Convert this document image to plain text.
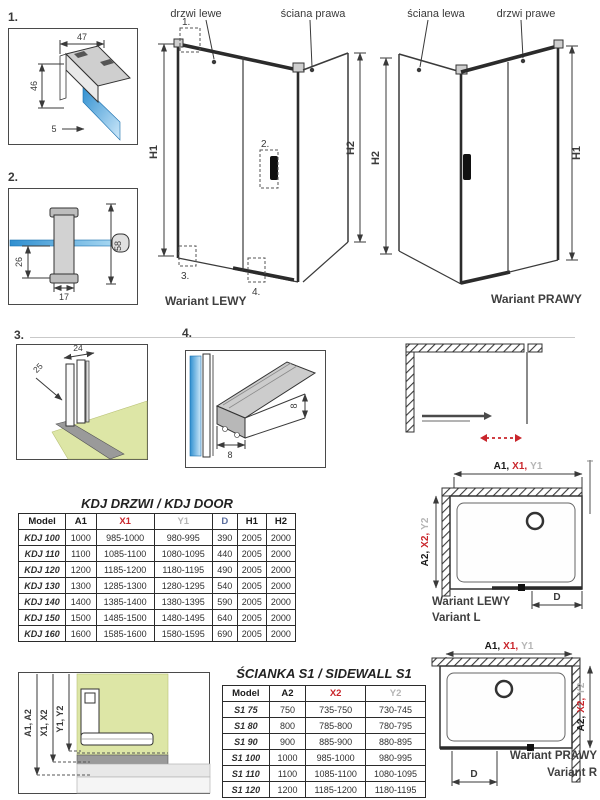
1.
47
46
5
2.
26
17
58
drzwi lewe	ściana prawa
H1
1.
2.
3.
4.
H2
Wariant LEWY
ściana lewa	drzwi prawe
H2	H1
Wariant PRAWY
3.
24
25
4.
8
8
KDJ DRZWI / KDJ DOOR
Model	A1	X1	Y1	D	H1	H2
KDJ 100	1000	985-1000	980-995	390	2005	2000
KDJ 110	1100	1085-1100	1080-1095	440	2005	2000
KDJ 120	1200	1185-1200	1180-1195	490	2005	2000
KDJ 130	1300	1285-1300	1280-1295	540	2005	2000
KDJ 140	1400	1385-1400	1380-1395	590	2005	2000
KDJ 150	1500	1485-1500	1480-1495	640	2005	2000
KDJ 160	1600	1585-1600	1580-1595	690	2005	2000
A1, X1, Y1
D
A2,X2,Y2
Wariant LEWY
Variant L
A1, A2 X1, X2 Y1, Y2
ŚCIANKA S1 / SIDEWALL S1
Model	A2	X2	Y2
S1 75	750	735-750	730-745
S1 80	800	785-800	780-795
S1 90	900	885-900	880-895
S1 100	1000	985-1000	980-995
S1 110	1100	1085-1100	1080-1095
S1 120	1200	1185-1200	1180-1195
A1, X1, Y1
D
A2,X2,Y2
Wariant PRAWY
Variant R
